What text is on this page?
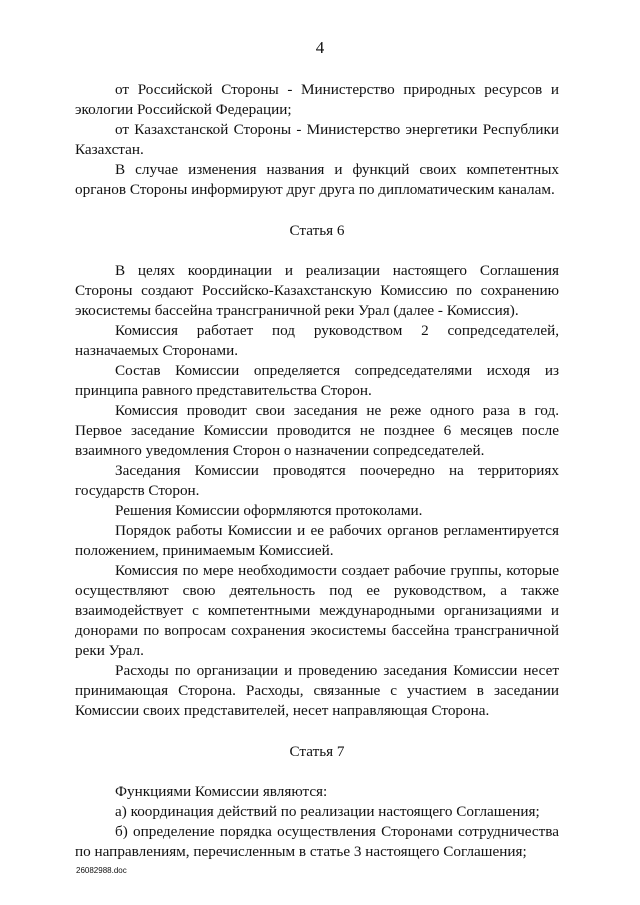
4

от Российской Стороны - Министерство природных ресурсов и экологии Российской Федерации;

от Казахстанской Стороны - Министерство энергетики Республики Казахстан.

В случае изменения названия и функций своих компетентных органов Стороны информируют друг друга по дипломатическим каналам.

Статья 6

В целях координации и реализации настоящего Соглашения Стороны создают Российско-Казахстанскую Комиссию по сохранению экосистемы бассейна трансграничной реки Урал (далее - Комиссия).

Комиссия работает под руководством 2 сопредседателей, назначаемых Сторонами.

Состав Комиссии определяется сопредседателями исходя из принципа равного представительства Сторон.

Комиссия проводит свои заседания не реже одного раза в год. Первое заседание Комиссии проводится не позднее 6 месяцев после взаимного уведомления Сторон о назначении сопредседателей.

Заседания Комиссии проводятся поочередно на территориях государств Сторон.

Решения Комиссии оформляются протоколами.

Порядок работы Комиссии и ее рабочих органов регламентируется положением, принимаемым Комиссией.

Комиссия по мере необходимости создает рабочие группы, которые осуществляют свою деятельность под ее руководством, а также взаимодействует с компетентными международными организациями и донорами по вопросам сохранения экосистемы бассейна трансграничной реки Урал.

Расходы по организации и проведению заседания Комиссии несет принимающая Сторона. Расходы, связанные с участием в заседании Комиссии своих представителей, несет направляющая Сторона.

Статья 7

Функциями Комиссии являются:

а) координация действий по реализации настоящего Соглашения;

б) определение порядка осуществления Сторонами сотрудничества по направлениям, перечисленным в статье 3 настоящего Соглашения;

26082988.doc
